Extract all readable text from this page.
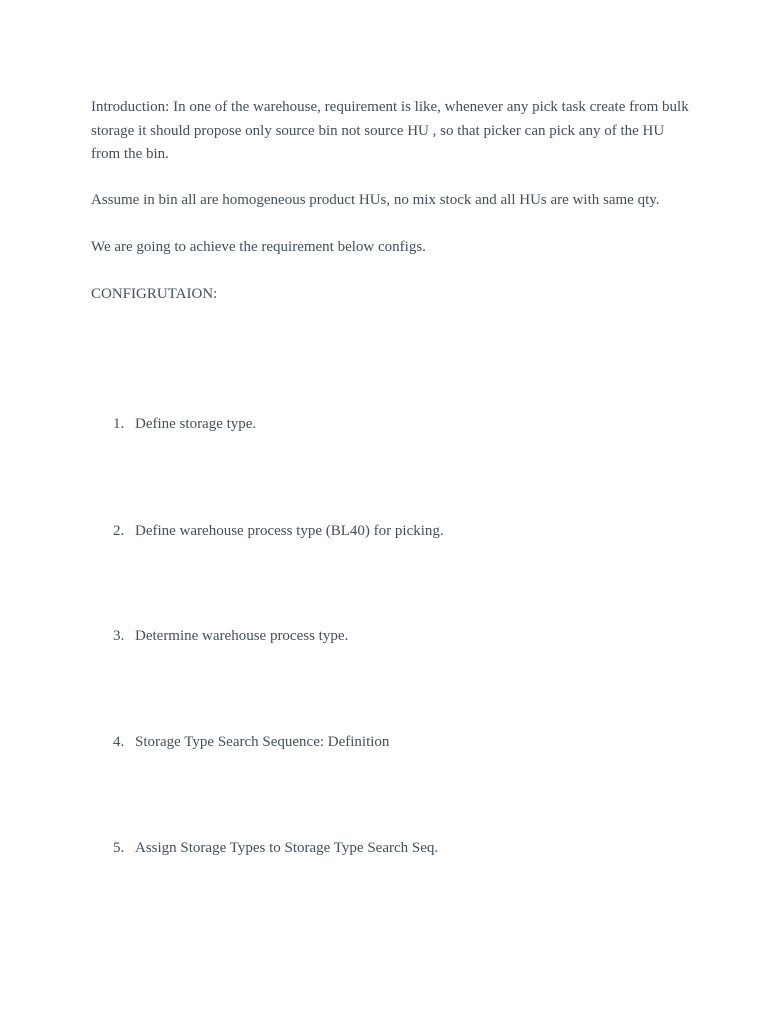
Introduction: In one of the warehouse, requirement is like, whenever any pick task create from bulk storage it should propose only source bin not source HU , so that picker can pick any of the HU from the bin.

Assume in bin all are homogeneous product HUs, no mix stock and all HUs are with same qty.

We are going to achieve the requirement below configs.

CONFIGRUTAION:

1. Define storage type.

2. Define warehouse process type (BL40) for picking.

3. Determine warehouse process type.

4. Storage Type Search Sequence: Definition

5. Assign Storage Types to Storage Type Search Seq.
